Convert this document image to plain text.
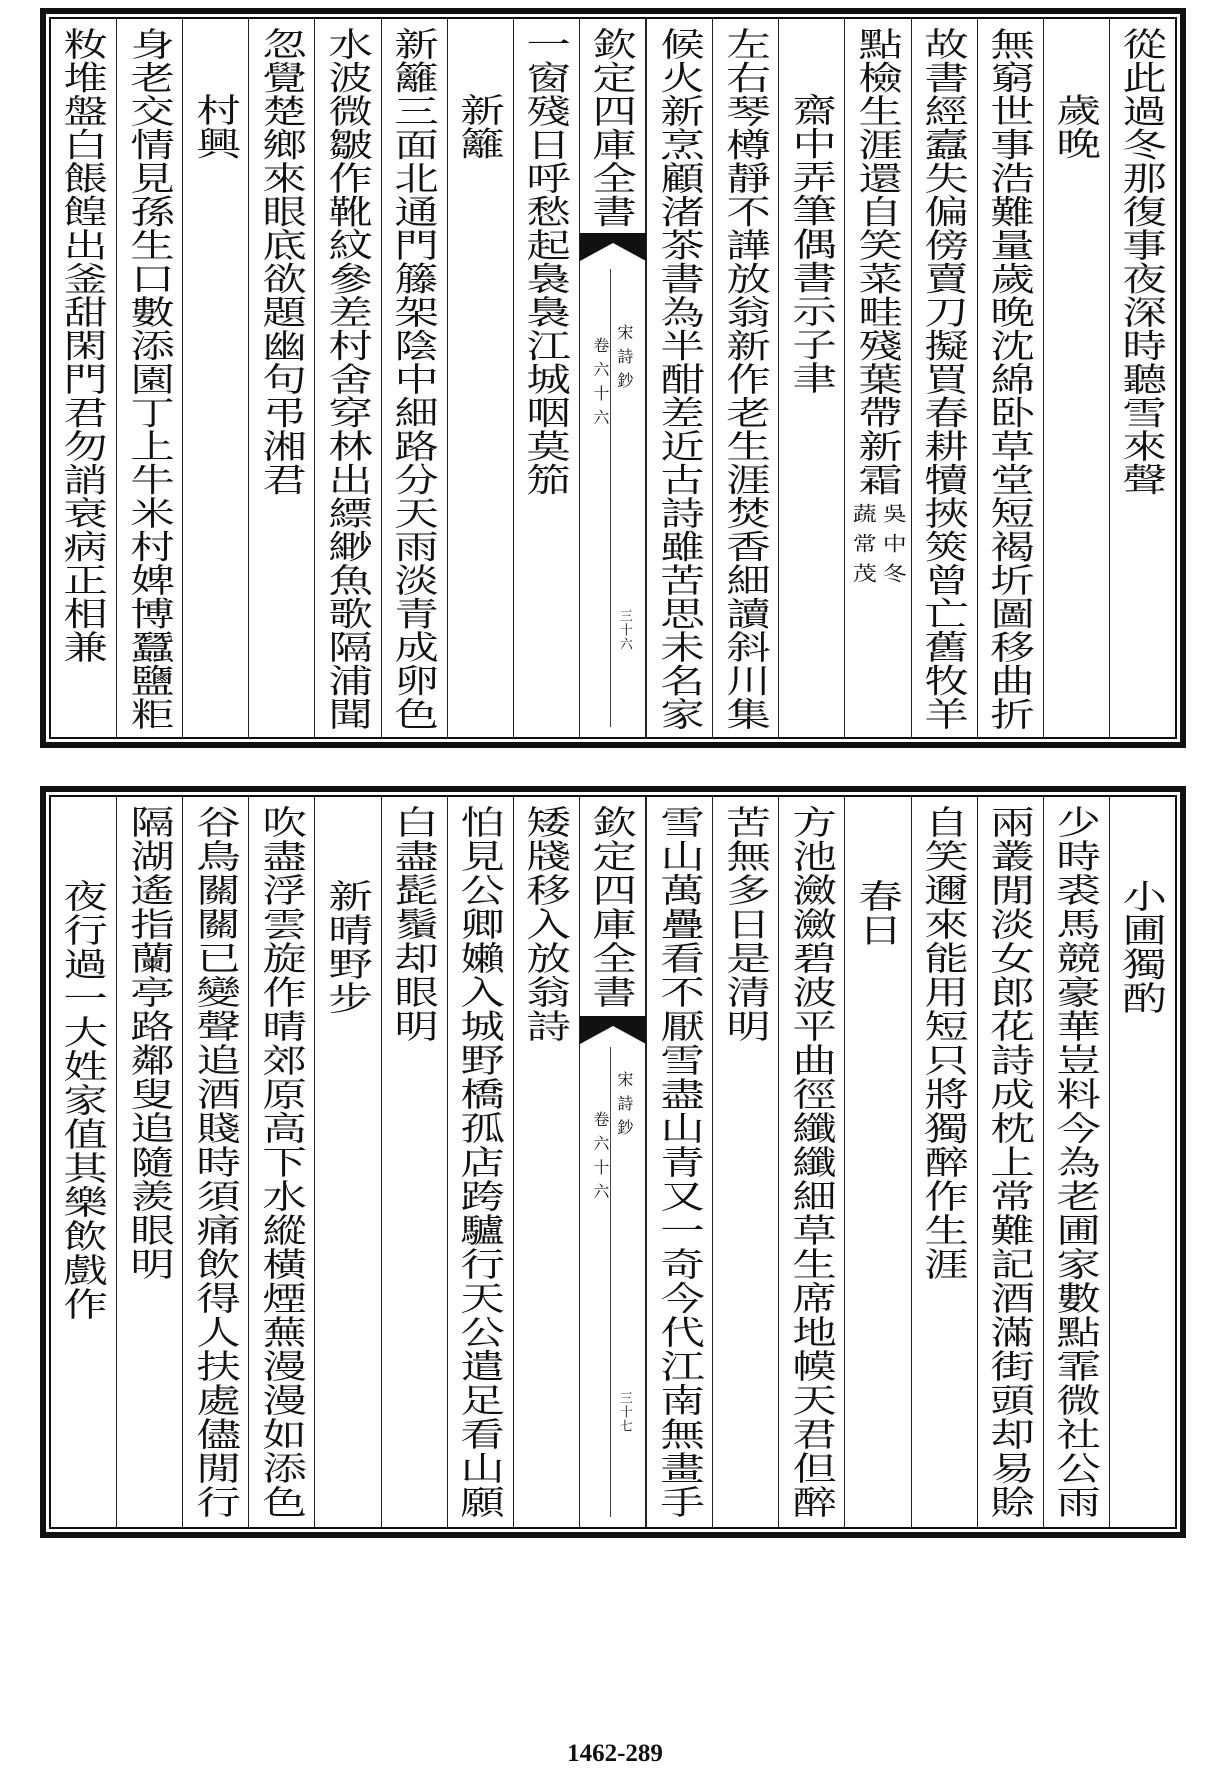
從此過冬那復事夜深時聽雪來聲
歲晚
無窮世事浩難量歲晚沈綿卧草堂短褐圻圖移曲折
故書經蠧失偏傍賣刀擬買春耕犢挾筴曾亡舊牧羊
點檢生涯還自笑菜畦殘葉帶新霜
吳中冬
蔬常茂
齋中弄筆偶書示子聿
左右琴樽靜不譁放翁新作老生涯焚香細讀斜川集
候火新烹顧渚茶書為半酣差近古詩雖苦思未名家
欽定四庫全書
宋詩鈔
卷六十六
三十六
一窗殘日呼愁起裊裊江城咽莫笳
新籬
新籬三面北通門籐架陰中細路分天雨淡青成卵色
水波微皺作靴紋參差村舍穿林出縹緲魚歌隔浦聞
忽覺楚鄉來眼底欲題幽句弔湘君
村興
身老交情見孫生口數添園丁上牛米村婢博蠶鹽粔
籹堆盤白餦餭出釜甜閑門君勿誚衰病正相兼
小圃獨酌
少時裘馬競豪華豈料今為老圃家數點霏微社公雨
兩叢閒淡女郎花詩成枕上常難記酒滿街頭却易賒
自笑邇來能用短只將獨醉作生涯
春日
方池瀲瀲碧波平曲徑纖纖細草生席地幙天君但醉
苦無多日是清明
雪山萬疊看不厭雪盡山青又一奇今代江南無畫手
欽定四庫全書
宋詩鈔
卷六十六
三十七
矮牋移入放翁詩
怕見公卿嬾入城野橋孤店跨驢行天公遣足看山願
白盡髭鬚却眼明
新晴野步
吹盡浮雲旋作晴郊原高下水縱橫煙蕪漫漫如添色
谷鳥關關已變聲追酒賤時須痛飲得人扶處儘閒行
隔湖遙指蘭亭路鄰叟追隨羨眼明
夜行過一大姓家值其樂飲戲作
1462-289
